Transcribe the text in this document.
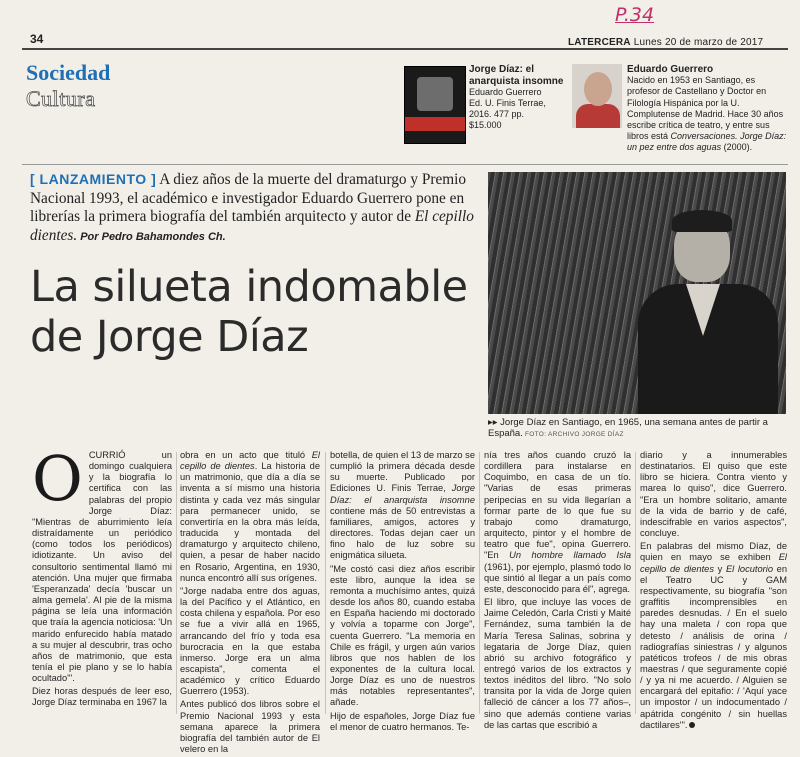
P.34
34	LATERCERA Lunes 20 de marzo de 2017
Sociedad
Cultura
Jorge Díaz: el anarquista insomne
Eduardo Guerrero
Ed. U. Finis Terrae,
2016. 477 pp.
$15.000
Eduardo Guerrero
Nacido en 1953 en Santiago, es profesor de Castellano y Doctor en Filología Hispánica por la U. Complutense de Madrid. Hace 30 años escribe crítica de teatro, y entre sus libros está Conversaciones. Jorge Díaz: un pez entre dos aguas (2000).
[ LANZAMIENTO ] A diez años de la muerte del dramaturgo y Premio Nacional 1993, el académico e investigador Eduardo Guerrero pone en librerías la primera biografía del también arquitecto y autor de El cepillo dientes. Por Pedro Bahamondes Ch.
La silueta indomable
de Jorge Díaz
▸▸ Jorge Díaz en Santiago, en 1965, una semana antes de partir a España. FOTO: ARCHIVO JORGE DÍAZ

OCURRIÓ un domingo cualquiera y la biografía lo certifica con las palabras del propio Jorge Díaz: "Mientras de aburrimiento leía distraídamente un periódico (como todos los periódicos) idiotizante. Un aviso del consultorio sentimental llamó mi atención. Una mujer que firmaba 'Esperanzada' decía 'buscar un alma gemela'. Al pie de la misma página se leía una información que traía la agencia noticiosa: 'Un marido enfurecido había matado a su mujer al descubrir, tras ocho años de matrimonio, que esta tenía el pie plano y se lo había ocultado'".

Diez horas después de leer eso, Jorge Díaz terminaba en 1967 la

obra en un acto que tituló El cepillo de dientes. La historia de un matrimonio, que día a día se inventa a sí mismo una historia distinta y cada vez más singular para permanecer unido, se convertiría en la obra más leída, traducida y montada del dramaturgo y arquitecto chileno, quien, a pesar de haber nacido en Rosario, Argentina, en 1930, nunca encontró allí sus orígenes.

"Jorge nadaba entre dos aguas, la del Pacífico y el Atlántico, en costa chilena y española. Por eso se fue a vivir allá en 1965, arrancando del frío y toda esa burocracia en la que estaba inmerso. Jorge era un alma escapista", comenta el académico y crítico Eduardo Guerrero (1953).

Antes publicó dos libros sobre el Premio Nacional 1993 y esta semana aparece la primera biografía del también autor de El velero en la

botella, de quien el 13 de marzo se cumplió la primera década desde su muerte. Publicado por Ediciones U. Finis Terrae, Jorge Díaz: el anarquista insomne contiene más de 50 entrevistas a familiares, amigos, actores y directores. Todas dejan caer un fino halo de luz sobre su enigmática silueta.

"Me costó casi diez años escribir este libro, aunque la idea se remonta a muchísimo antes, quizá desde los años 80, cuando estaba en España haciendo mi doctorado y volvía a toparme con Jorge", cuenta Guerrero. "La memoria en Chile es frágil, y urgen aún varios libros que nos hablen de los exponentes de la cultura local. Jorge Díaz es uno de nuestros más notables representantes", añade.

Hijo de españoles, Jorge Díaz fue el menor de cuatro hermanos. Te-

nía tres años cuando cruzó la cordillera para instalarse en Coquimbo, en casa de un tío. "Varias de esas primeras peripecias en su vida llegarían a formar parte de lo que fue su trabajo como dramaturgo, arquitecto, pintor y el hombre de teatro que fue", opina Guerrero. "En Un hombre llamado Isla (1961), por ejemplo, plasmó todo lo que sintió al llegar a un país como este, desconocido para él", agrega.

El libro, que incluye las voces de Jaime Celedón, Carla Cristi y Maité Fernández, suma también la de María Teresa Salinas, sobrina y legataria de Jorge Díaz, quien abrió su archivo fotográfico y entregó varios de los extractos y textos inéditos del libro. "No solo transita por la vida de Jorge quien falleció de cáncer a los 77 años–, sino que además contiene varias de las cartas que escribió a

diario y a innumerables destinatarios. El quiso que este libro se hiciera. Contra viento y marea lo quiso", dice Guerrero. "Era un hombre solitario, amante de la vida de barrio y de café, indescifrable en varios aspectos", concluye.

En palabras del mismo Díaz, de quien en mayo se exhiben El cepillo de dientes y El locutorio en el Teatro UC y GAM respectivamente, su biografía "son graffitis incomprensibles en paredes desnudas. / En el suelo hay una maleta / con ropa que detesto / análisis de orina / radiografías siniestras / y algunos patéticos trofeos / de mis obras maestras / que seguramente copié / y ya ni me acuerdo. / Alguien se encargará del epitafio: / 'Aquí yace un impostor / un indocumentado / apátrida congénito / sin huellas dactilares'".
